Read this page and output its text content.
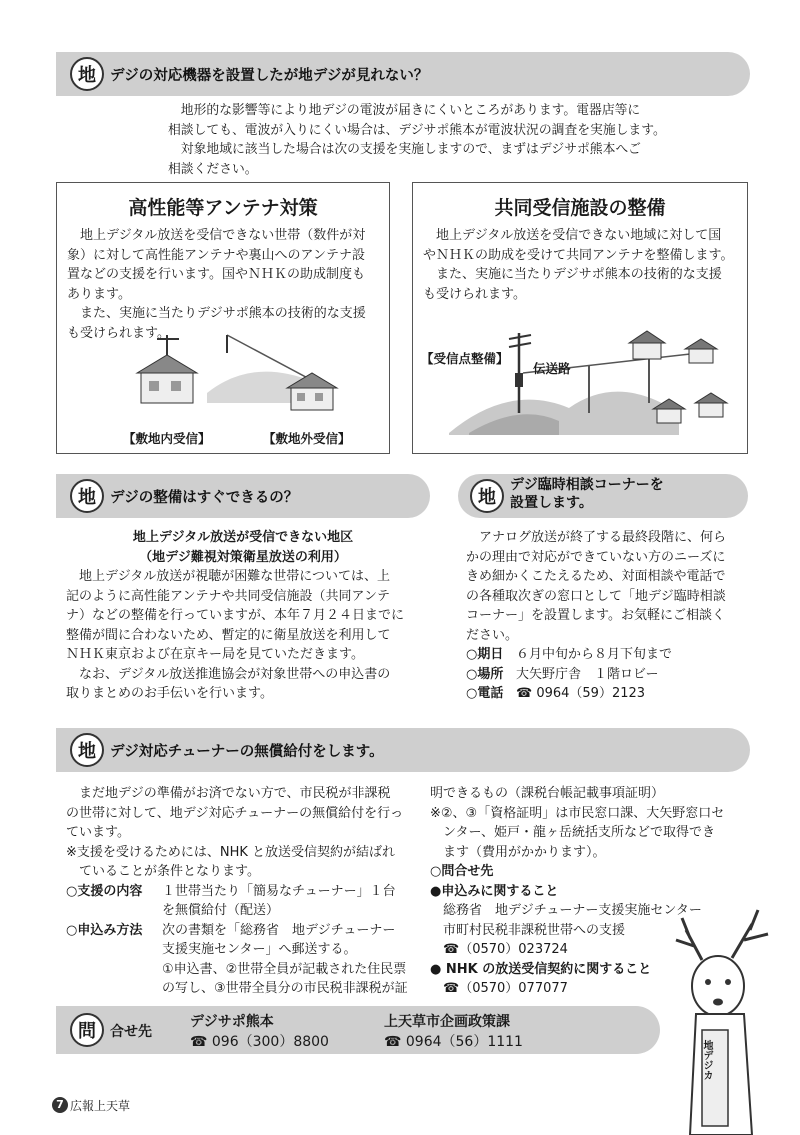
地 デジの対応機器を設置したが地デジが見れない？

地形的な影響等により地デジの電波が届きにくいところがあります。電器店等に

相談しても、電波が入りにくい場合は、デジサポ熊本が電波状況の調査を実施します。

対象地域に該当した場合は次の支援を実施しますので、まずはデジサポ熊本へご

相談ください。

高性能等アンテナ対策

地上デジタル放送を受信できない世帯（数件が対

象）に対して高性能アンテナや裏山へのアンテナ設

置などの支援を行います。国やＮＨＫの助成制度も

あります。

また、実施に当たりデジサポ熊本の技術的な支援

も受けられます。

【敷地内受信】	【敷地外受信】
共同受信施設の整備

地上デジタル放送を受信できない地域に対して国

やＮＨＫの助成を受けて共同アンテナを整備します。

また、実施に当たりデジサポ熊本の技術的な支援

も受けられます。

【受信点整備】
伝送路
地 デジの整備はすぐできるの？

地上デジタル放送が受信できない地区

（地デジ難視対策衛星放送の利用）

地上デジタル放送が視聴が困難な世帯については、上

記のように高性能アンテナや共同受信施設（共同アンテ

ナ）などの整備を行っていますが、本年７月２４日までに

整備が間に合わないため、暫定的に衛星放送を利用して

ＮＨＫ東京および在京キー局を見ていただきます。

なお、デジタル放送推進協会が対象世帯への申込書の

取りまとめのお手伝いを行います。

地
デジ臨時相談コーナーを
設置します。

アナログ放送が終了する最終段階に、何ら

かの理由で対応ができていない方のニーズに

きめ細かくこたえるため、対面相談や電話で

の各種取次ぎの窓口として「地デジ臨時相談

コーナー」を設置します。お気軽にご相談く

ださい。

○期日 ６月中旬から８月下旬まで
○場所 大矢野庁舎　１階ロビー
○電話 ☎ 0964（59）2123
地 デジ対応チューナーの無償給付をします。

まだ地デジの準備がお済でない方で、市民税が非課税

の世帯に対して、地デジ対応チューナーの無償給付を行っ

ています。

※支援を受けるためには、NHK と放送受信契約が結ばれ

ていることが条件となります。

○支援の内容	１世帯当たり「簡易なチューナー」１台
を無償給付（配送）
○申込み方法	次の書類を「総務省　地デジチューナー
支援実施センター」へ郵送する。
①申込書、②世帯全員が記載された住民票
の写し、③世帯全員分の市民税非課税が証

明できるもの（課税台帳記載事項証明）

※②、③「資格証明」は市民窓口課、大矢野窓口セ

ンター、姫戸・龍ヶ岳統括支所などで取得でき

ます（費用がかかります）。

○問合せ先

●申込みに関すること

総務省　地デジチューナー支援実施センター

市町村民税非課税世帯への支援

☎（0570）023724

● NHK の放送受信契約に関すること

☎（0570）077077

問	合せ先
デジサポ熊本
☎ 096（300）8800
上天草市企画政策課
☎ 0964（56）1111	地デジカ
7 広報上天草
